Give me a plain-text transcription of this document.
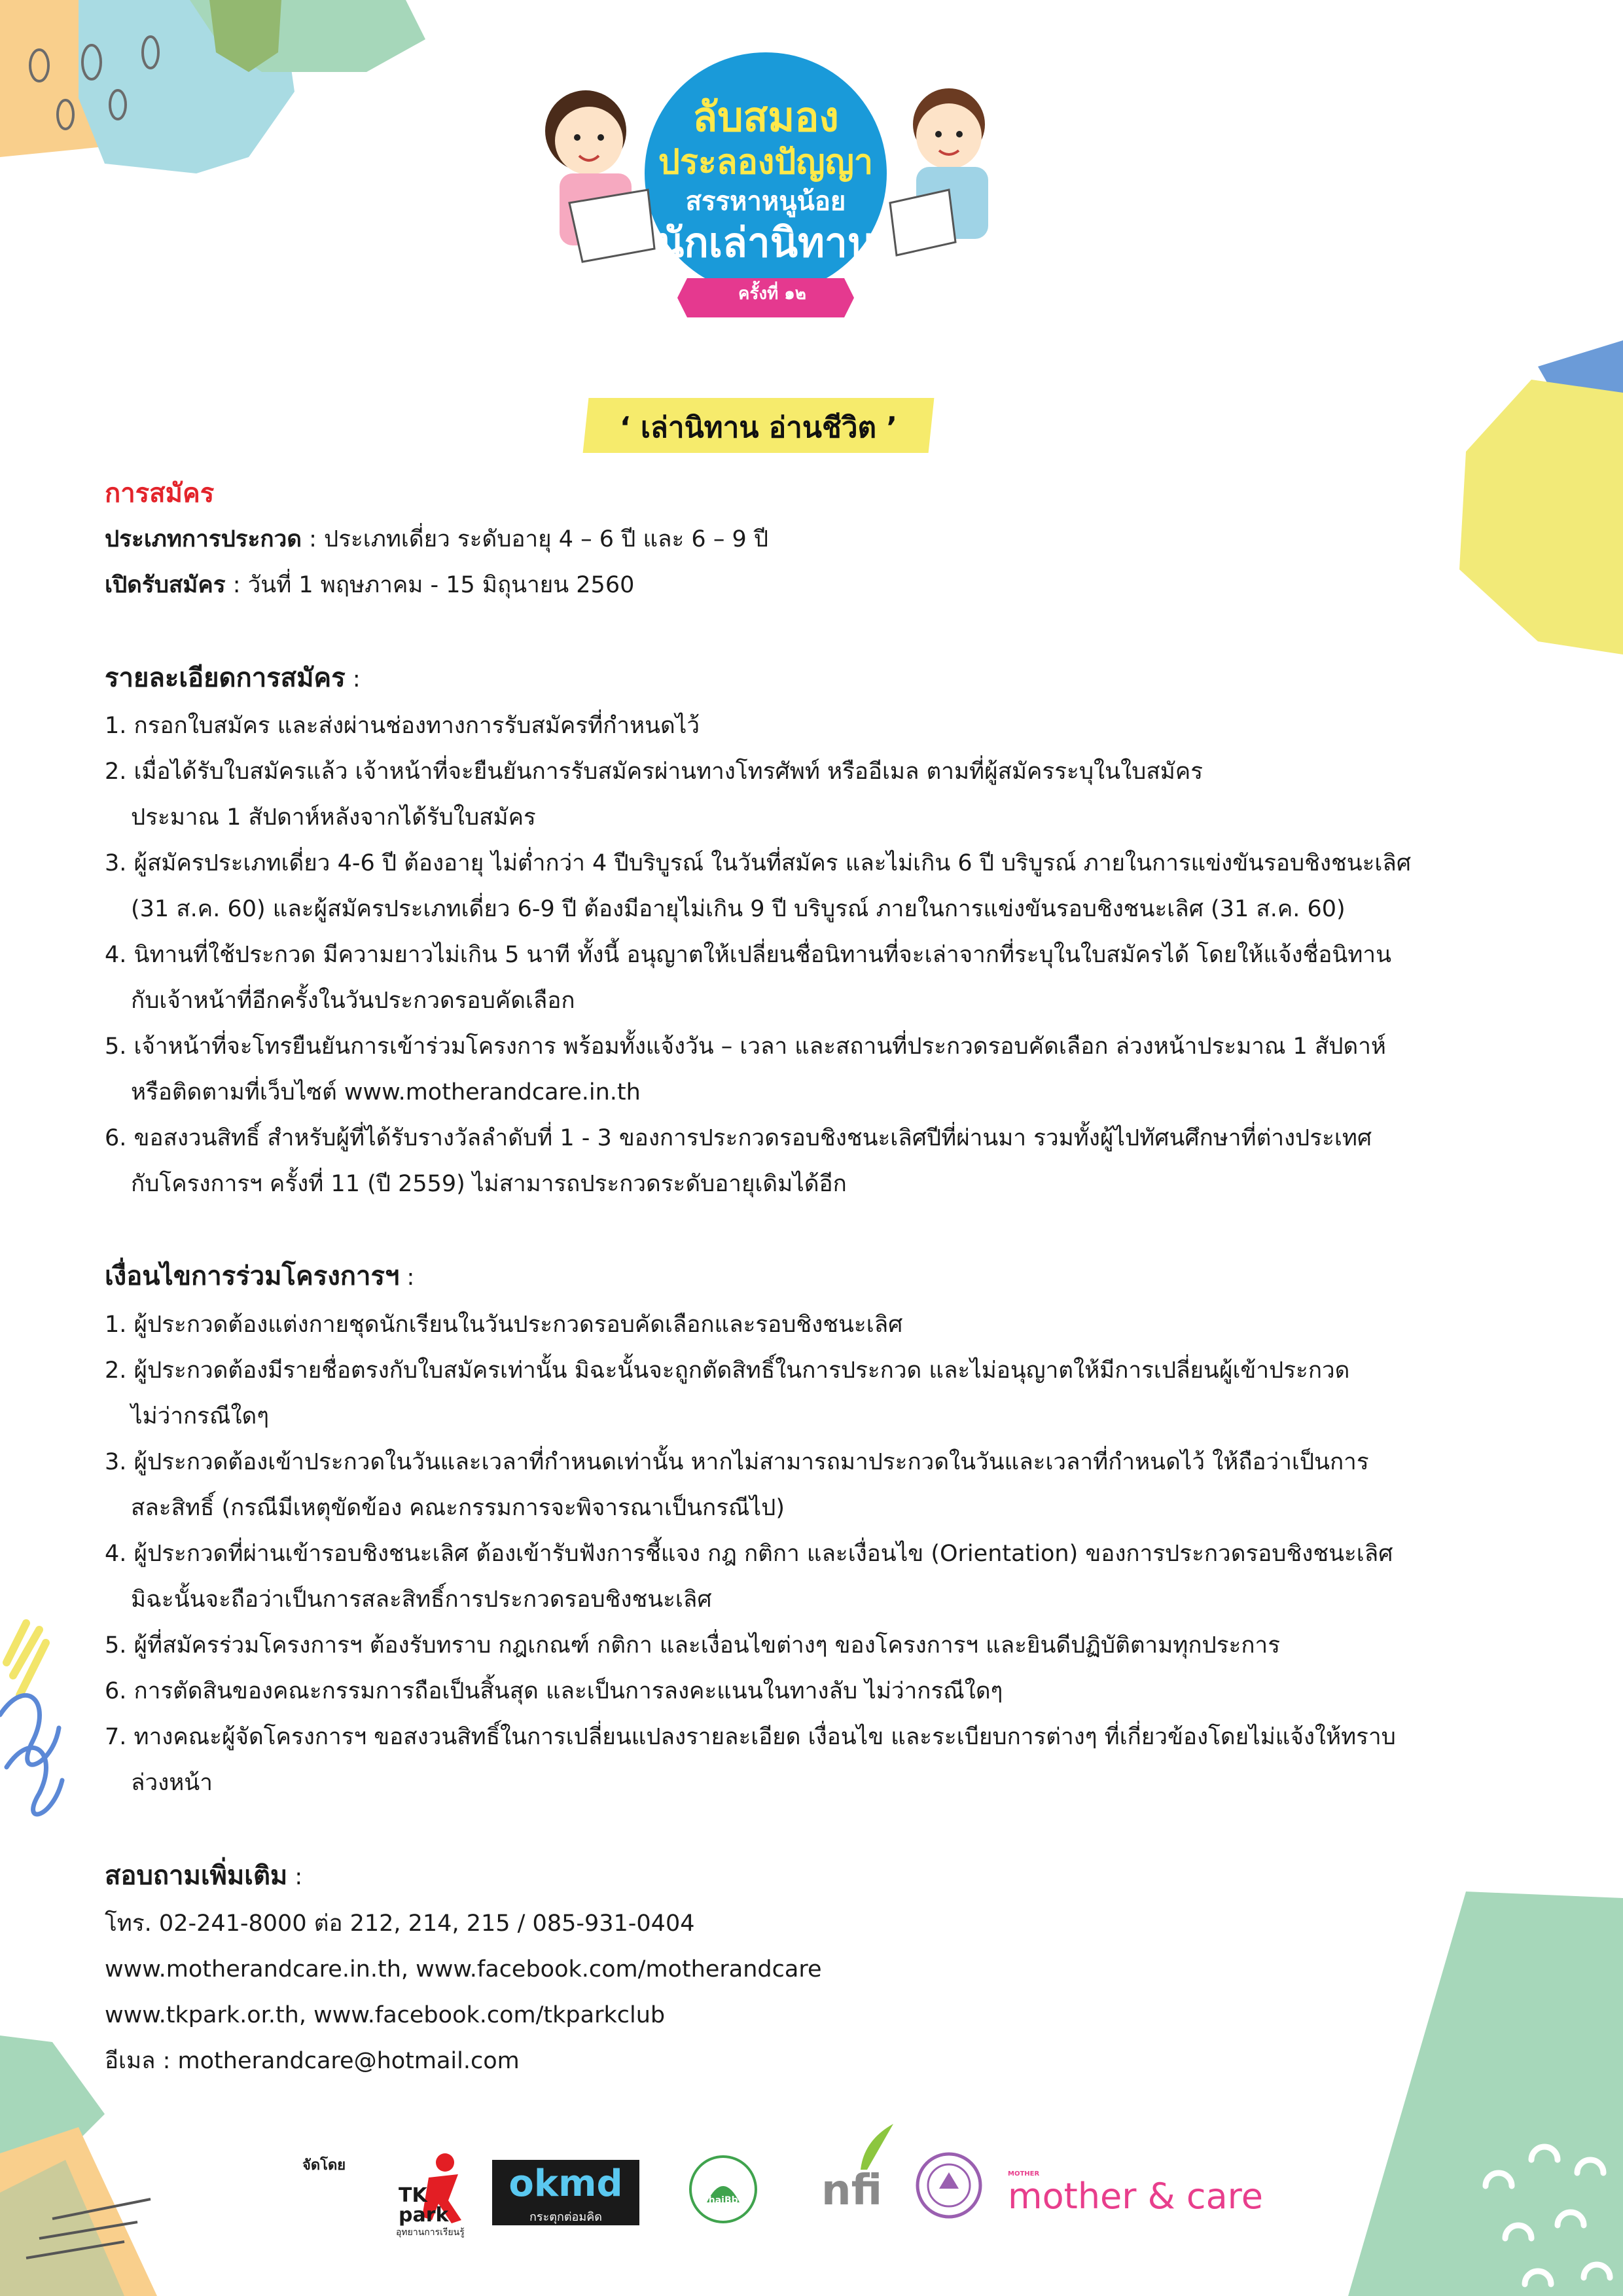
ลับสมอง
ประลองปัญญา
สรรหาหนูน้อย
นักเล่านิทาน
ครั้งที่ ๑๒
‘ เล่านิทาน อ่านชีวิต ’
การสมัคร
ประเภทการประกวด : ประเภทเดี่ยว ระดับอายุ 4 – 6 ปี และ 6 – 9 ปี
เปิดรับสมัคร : วันที่ 1 พฤษภาคม - 15 มิถุนายน 2560
รายละเอียดการสมัคร :
1. กรอกใบสมัคร และส่งผ่านช่องทางการรับสมัครที่กำหนดไว้
2. เมื่อได้รับใบสมัครแล้ว เจ้าหน้าที่จะยืนยันการรับสมัครผ่านทางโทรศัพท์ หรืออีเมล ตามที่ผู้สมัครระบุในใบสมัคร
ประมาณ 1 สัปดาห์หลังจากได้รับใบสมัคร
3. ผู้สมัครประเภทเดี่ยว 4-6 ปี ต้องอายุ ไม่ต่ำกว่า 4 ปีบริบูรณ์ ในวันที่สมัคร และไม่เกิน 6 ปี บริบูรณ์ ภายในการแข่งขันรอบชิงชนะเลิศ
(31 ส.ค. 60) และผู้สมัครประเภทเดี่ยว 6-9 ปี ต้องมีอายุไม่เกิน 9 ปี บริบูรณ์ ภายในการแข่งขันรอบชิงชนะเลิศ (31 ส.ค. 60)
4. นิทานที่ใช้ประกวด มีความยาวไม่เกิน 5 นาที ทั้งนี้ อนุญาตให้เปลี่ยนชื่อนิทานที่จะเล่าจากที่ระบุในใบสมัครได้ โดยให้แจ้งชื่อนิทาน
กับเจ้าหน้าที่อีกครั้งในวันประกวดรอบคัดเลือก
5. เจ้าหน้าที่จะโทรยืนยันการเข้าร่วมโครงการ พร้อมทั้งแจ้งวัน – เวลา และสถานที่ประกวดรอบคัดเลือก ล่วงหน้าประมาณ 1 สัปดาห์
หรือติดตามที่เว็บไซต์ www.motherandcare.in.th
6. ขอสงวนสิทธิ์ สำหรับผู้ที่ได้รับรางวัลลำดับที่ 1 - 3 ของการประกวดรอบชิงชนะเลิศปีที่ผ่านมา รวมทั้งผู้ไปทัศนศึกษาที่ต่างประเทศ
กับโครงการฯ ครั้งที่ 11 (ปี 2559) ไม่สามารถประกวดระดับอายุเดิมได้อีก
เงื่อนไขการร่วมโครงการฯ :
1. ผู้ประกวดต้องแต่งกายชุดนักเรียนในวันประกวดรอบคัดเลือกและรอบชิงชนะเลิศ
2. ผู้ประกวดต้องมีรายชื่อตรงกับใบสมัครเท่านั้น มิฉะนั้นจะถูกตัดสิทธิ์ในการประกวด และไม่อนุญาตให้มีการเปลี่ยนผู้เข้าประกวด
ไม่ว่ากรณีใดๆ
3. ผู้ประกวดต้องเข้าประกวดในวันและเวลาที่กำหนดเท่านั้น หากไม่สามารถมาประกวดในวันและเวลาที่กำหนดไว้ ให้ถือว่าเป็นการ
สละสิทธิ์ (กรณีมีเหตุขัดข้อง คณะกรรมการจะพิจารณาเป็นกรณีไป)
4. ผู้ประกวดที่ผ่านเข้ารอบชิงชนะเลิศ ต้องเข้ารับฟังการชี้แจง กฎ กติกา และเงื่อนไข (Orientation) ของการประกวดรอบชิงชนะเลิศ
มิฉะนั้นจะถือว่าเป็นการสละสิทธิ์การประกวดรอบชิงชนะเลิศ
5. ผู้ที่สมัครร่วมโครงการฯ ต้องรับทราบ กฎเกณฑ์ กติกา และเงื่อนไขต่างๆ ของโครงการฯ และยินดีปฏิบัติตามทุกประการ
6. การตัดสินของคณะกรรมการถือเป็นสิ้นสุด และเป็นการลงคะแนนในทางลับ ไม่ว่ากรณีใดๆ
7. ทางคณะผู้จัดโครงการฯ ขอสงวนสิทธิ์ในการเปลี่ยนแปลงรายละเอียด เงื่อนไข และระเบียบการต่างๆ ที่เกี่ยวข้องโดยไม่แจ้งให้ทราบ
ล่วงหน้า
สอบถามเพิ่มเติม :
โทร. 02-241-8000 ต่อ 212, 214, 215 / 085-931-0404
www.motherandcare.in.th, www.facebook.com/motherandcare
www.tkpark.or.th, www.facebook.com/tkparkclub
อีเมล : motherandcare@hotmail.com
จัดโดย
TK park
อุทยานการเรียนรู้
okmd
กระตุกต่อมคิด
ThaiBby	nfi	MOTHER
mother & care
